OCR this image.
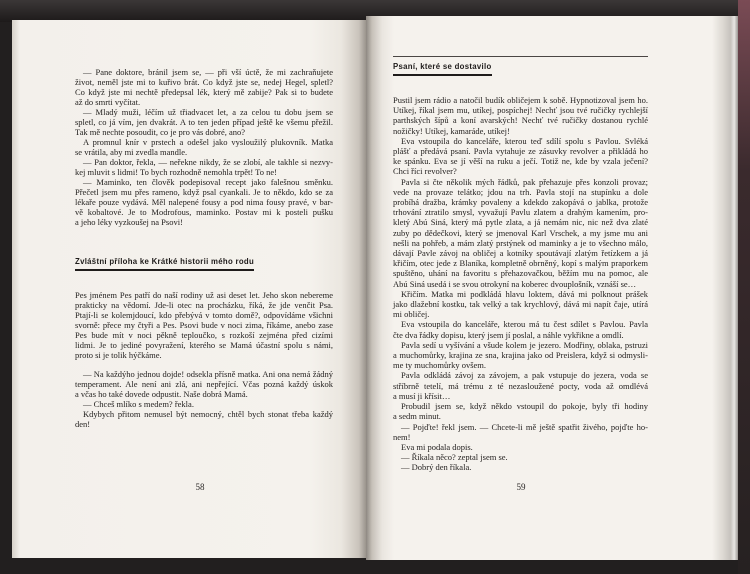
— Pane doktore, bránil jsem se, — při vší úctě, že mi zachraňujete
život, neměl jste mi to kuřivo brát. Co když jste se, nedej Hegel, spletl?
Co když jste mi nechtě předepsal lék, který mě zabije? Pak si to budete
až do smrti vyčítat.
— Mladý muži, léčím už třiadvacet let, a za celou tu dobu jsem se
spletl, co já vím, jen dvakrát. A to ten jeden případ ještě ke všemu přežil.
Tak mě nechte posoudit, co je pro vás dobré, ano?
A promnul knír v prstech a odešel jako vysloužilý plukovník. Matka
se vrátila, aby mi zvedla mandle.
— Pan doktor, řekla, — neřekne nikdy, že se zlobí, ale takhle si nezvy-
kej mluvit s lidmi! To bych rozhodně nemohla trpět! To ne!
— Maminko, ten člověk podepisoval recept jako falešnou směnku.
Přečetl jsem mu přes rameno, když psal cyankali. Je to někdo, kdo se za
lékaře pouze vydává. Měl nalepené fousy a pod nima fousy pravé, v bar-
vě kobaltové. Je to Modrofous, maminko. Postav mi k posteli pušku
a jeho léky vyzkoušej na Psovi!
Zvláštní příloha ke Krátké historii mého rodu
Pes jménem Pes patří do naší rodiny už asi deset let. Jeho skon nebereme
prakticky na vědomí. Jde-li otec na procházku, říká, že jde venčit Psa.
Ptají-li se kolemjdoucí, kdo přebývá v tomto domě?, odpovídáme všichni
svorně: přece my čtyři a Pes. Psovi bude v noci zima, říkáme, anebo zase
Pes bude mít v noci pěkně teploučko, s rozkoší zejména před cizími
lidmi. Je to jediné povyražení, kterého se Mamá účastní spolu s námi,
proto si je tolik hýčkáme.
— Na každýho jednou dojde! odsekla přísně matka. Ani ona nemá žádný
temperament. Ale není ani zlá, ani nepřející. Včas pozná každý úskok
a včas ho také dovede odpustit. Naše dobrá Mamá.
— Chceš mlíko s medem? řekla.
Kdybych přitom nemusel být nemocný, chtěl bych stonat třeba každý
den!
58
Psaní, které se dostavilo
Pustil jsem rádio a natočil budík obličejem k sobě. Hypnotizoval jsem ho.
Utíkej, říkal jsem mu, utíkej, pospíchej! Nechť jsou tvé ručičky rychlejší
parthských šípů a koní avarských! Nechť tvé ručičky dostanou rychlé
nožičky! Utíkej, kamaráde, utíkej!
Eva vstoupila do kanceláře, kterou teď sdílí spolu s Pavlou. Svléká
plášť a předává psaní. Pavla vytahuje ze zásuvky revolver a přikládá ho
ke spánku. Eva se jí věší na ruku a ječí. Totiž ne, kde by vzala ječení?
Chci říci revolver?
Pavla si čte několik mých řádků, pak přehazuje přes konzoli provaz;
vede na provaze telátko; jdou na trh. Pavla stojí na stupínku a dole
probíhá dražba, krámky povaleny a kdekdo zakopává o jablka, protože
trhování ztratilo smysl, vyvažují Pavlu zlatem a drahým kamením, pro-
kletý Abú Siná, který má pytle zlata, a já nemám nic, nic než dva zlaté
zuby po dědečkovi, který se jmenoval Karl Vrschek, a my jsme mu ani
nešli na pohřeb, a mám zlatý prstýnek od maminky a je to všechno málo,
dávají Pavle závoj na obličej a kotníky spoutávají zlatým řetízkem a já
křičím, otec jede z Blaníka, kompletně obrněný, kopí s malým praporkem
spuštěno, uhání na favoritu s přehazovačkou, běžím mu na pomoc, ale
Abú Siná usedá i se svou otrokyní na koberec dvouplošník, vznáší se…
Křičím. Matka mi podkládá hlavu loktem, dává mi polknout prášek
jako dlažební kostku, tak velký a tak krychlový, dává mi napít čaje, utírá
mi obličej.
Eva vstoupila do kanceláře, kterou má tu čest sdílet s Pavlou. Pavla
čte dva řádky dopisu, který jsem jí poslal, a náhle vykřikne a omdlí.
Pavla sedí u vyšívání a všude kolem je jezero. Modřiny, oblaka, pstruzi
a muchomůrky, krajina ze sna, krajina jako od Preislera, když si odmysli-
me ty muchomůrky ovšem.
Pavla odkládá závoj za závojem, a pak vstupuje do jezera, voda se
stříbrně tetelí, má trému z té nezasloužené pocty, voda až omdlévá
a musí ji křísit…
Probudil jsem se, když někdo vstoupil do pokoje, byly tři hodiny
a sedm minut.
— Pojďte! řekl jsem. — Chcete-li mě ještě spatřit živého, pojďte ho-
nem!
Eva mi podala dopis.
— Říkala něco? zeptal jsem se.
— Dobrý den říkala.
59
